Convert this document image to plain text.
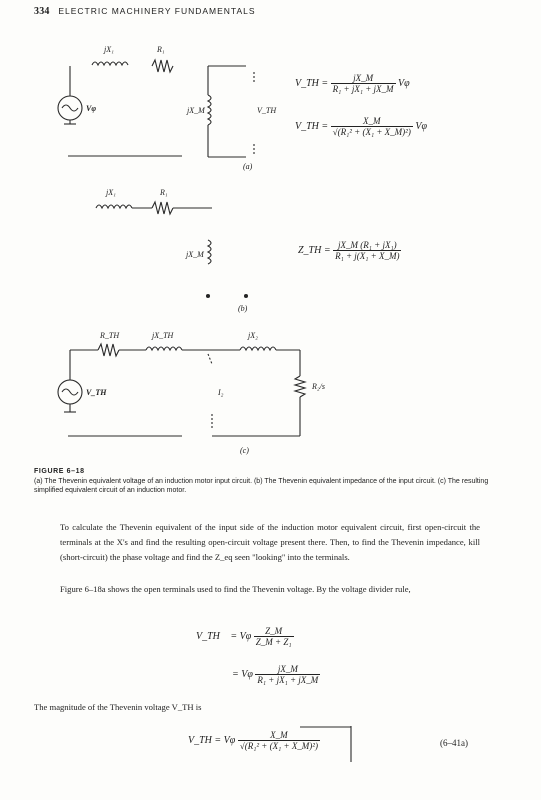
334 ELECTRIC MACHINERY FUNDAMENTALS
jX₁	R₁
Vφ	jX_M	V_TH
(a)
V_TH = $\frac{jX\_M}{\text{R₁ + jX₁ + jX\_M}}$ Vφ
V_TH = $\frac{X\_M}{\text{√(R₁² + (X₁ + X\_M)²)}}$ Vφ
jX₁	R₁
jX_M
(b)
Z_TH = $\frac{\text{jX\_M (R₁ + jX₁)}}{\text{R₁ + j(X₁ + X\_M)}}$
R_TH	jX_TH	jX₂
I₂
R₂/s
V_TH
(c)
FIGURE 6–18
(a) The Thevenin equivalent voltage of an induction motor input circuit. (b) The Thevenin equivalent impedance of the input circuit. (c) The resulting simplified equivalent circuit of an induction motor.
To calculate the Thevenin equivalent of the input side of the induction motor equivalent circuit, first open-circuit the terminals at the X's and find the resulting open-circuit voltage present there. Then, to find the Thevenin impedance, kill (short-circuit) the phase voltage and find the Z_eq seen "looking" into the terminals.
Figure 6–18a shows the open terminals used to find the Thevenin voltage. By the voltage divider rule,
V_TH = Vφ $\frac{Z\_M}{\text{Z\_M + Z₁}}$
= Vφ $\frac{jX\_M}{\text{R₁ + jX₁ + jX\_M}}$
The magnitude of the Thevenin voltage V_TH is
V_TH = Vφ $\frac{X\_M}{\text{√(R₁² + (X₁ + X\_M)²)}}$	(6–41a)
